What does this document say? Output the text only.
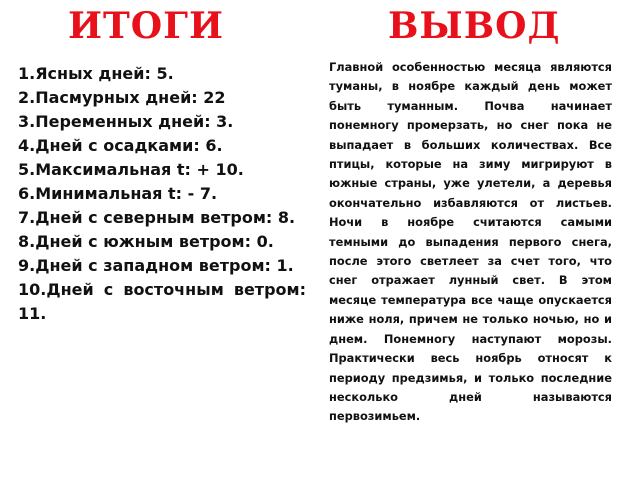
ИТОГИ	ВЫВОД
1.Ясных дней: 5.
2.Пасмурных дней: 22
3.Переменных дней: 3.
4.Дней с осадками: 6.
5.Максимальная t: + 10.
6.Минимальная t: - 7.
7.Дней с северным ветром: 8.
8.Дней с южным ветром: 0.
9.Дней с западном ветром: 1.
10.Дней с восточным ветром: 11.

Главной особенностью месяца являются туманы, в ноябре каждый день может быть туманным. Почва начинает понемногу промерзать, но снег пока не выпадает в больших количествах. Все птицы, которые на зиму мигрируют в южные страны, уже улетели, а деревья окончательно избавляются от листьев. Ночи в ноябре считаются самыми темными до выпадения первого снега, после этого светлеет за счет того, что снег отражает лунный свет. В этом месяце температура все чаще опускается ниже ноля, причем не только ночью, но и днем. Понемногу наступают морозы. Практически весь ноябрь относят к периоду предзимья, и только последние несколько дней называются первозимьем.
